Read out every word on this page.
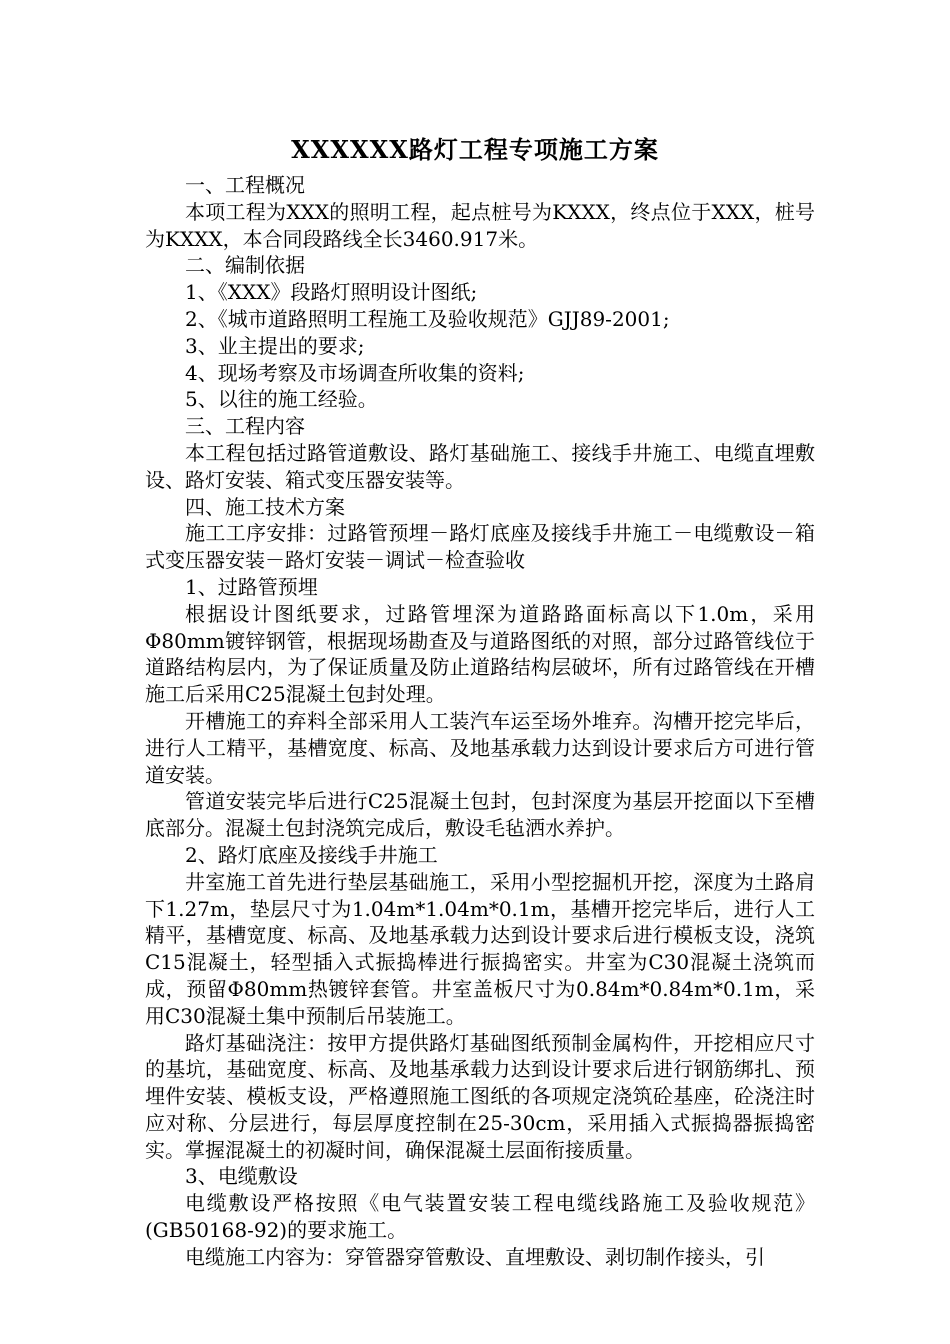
XXXXXX路灯工程专项施工方案
一、工程概况
本项工程为XXX的照明工程，起点桩号为KXXX，终点位于XXX，桩号为KXXX，本合同段路线全长3460.917米。
二、编制依据
1、《XXX》段路灯照明设计图纸;
2、《城市道路照明工程施工及验收规范》GJJ89-2001;
3、业主提出的要求;
4、现场考察及市场调查所收集的资料;
5、以往的施工经验。
三、工程内容
本工程包括过路管道敷设、路灯基础施工、接线手井施工、电缆直埋敷设、路灯安装、箱式变压器安装等。
四、施工技术方案
施工工序安排：过路管预埋－路灯底座及接线手井施工－电缆敷设－箱式变压器安装－路灯安装－调试－检查验收
1、过路管预埋
根据设计图纸要求，过路管埋深为道路路面标高以下1.0m，采用Φ80mm镀锌钢管，根据现场勘查及与道路图纸的对照，部分过路管线位于道路结构层内，为了保证质量及防止道路结构层破坏，所有过路管线在开槽施工后采用C25混凝土包封处理。
开槽施工的弃料全部采用人工装汽车运至场外堆弃。沟槽开挖完毕后，进行人工精平，基槽宽度、标高、及地基承载力达到设计要求后方可进行管道安装。
管道安装完毕后进行C25混凝土包封，包封深度为基层开挖面以下至槽底部分。混凝土包封浇筑完成后，敷设毛毡洒水养护。
2、路灯底座及接线手井施工
井室施工首先进行垫层基础施工，采用小型挖掘机开挖，深度为土路肩下1.27m，垫层尺寸为1.04m*1.04m*0.1m，基槽开挖完毕后，进行人工精平，基槽宽度、标高、及地基承载力达到设计要求后进行模板支设，浇筑C15混凝土，轻型插入式振捣棒进行振捣密实。井室为C30混凝土浇筑而成，预留Φ80mm热镀锌套管。井室盖板尺寸为0.84m*0.84m*0.1m，采用C30混凝土集中预制后吊装施工。
路灯基础浇注：按甲方提供路灯基础图纸预制金属构件，开挖相应尺寸的基坑，基础宽度、标高、及地基承载力达到设计要求后进行钢筋绑扎、预埋件安装、模板支设，严格遵照施工图纸的各项规定浇筑砼基座，砼浇注时应对称、分层进行，每层厚度控制在25-30cm，采用插入式振捣器振捣密实。掌握混凝土的初凝时间，确保混凝土层面衔接质量。
3、电缆敷设
电缆敷设严格按照《电气装置安装工程电缆线路施工及验收规范》(GB50168-92)的要求施工。
电缆施工内容为：穿管器穿管敷设、直埋敷设、剥切制作接头，引
